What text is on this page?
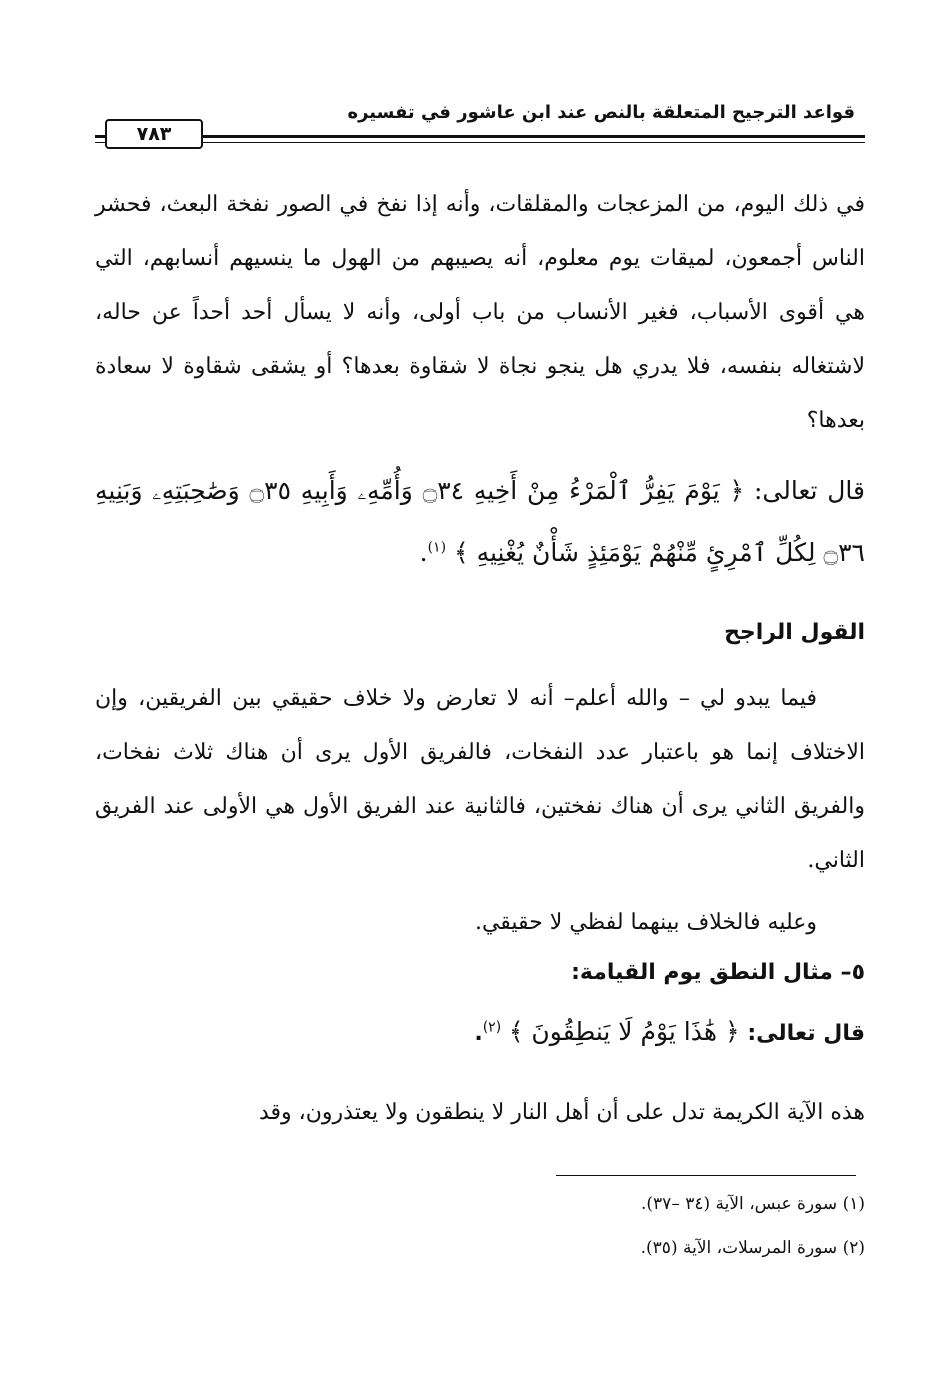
قواعد الترجيح المتعلقة بالنص عند ابن عاشور في تفسيره
٧٨٣
في ذلك اليوم، من المزعجات والمقلقات، وأنه إذا نفخ في الصور نفخة البعث، فحشر الناس أجمعون، لميقات يوم معلوم، أنه يصيبهم من الهول ما ينسيهم أنسابهم، التي هي أقوى الأسباب، فغير الأنساب من باب أولى، وأنه لا يسأل أحد أحداً عن حاله، لاشتغاله بنفسه، فلا يدري هل ينجو نجاة لا شقاوة بعدها؟ أو يشقى شقاوة لا سعادة بعدها؟
قال تعالى: ﴿ يَوْمَ يَفِرُّ ٱلْمَرْءُ مِنْ أَخِيهِ ۝٣٤ وَأُمِّهِۦ وَأَبِيهِ ۝٣٥ وَصَٰحِبَتِهِۦ وَبَنِيهِ ۝٣٦ لِكُلِّ ٱمْرِئٍ مِّنْهُمْ يَوْمَئِذٍ شَأْنٌ يُغْنِيهِ ﴾ $^{(١)}$.
القول الراجح
فيما يبدو لي – والله أعلم– أنه لا تعارض ولا خلاف حقيقي بين الفريقين، وإن الاختلاف إنما هو باعتبار عدد النفخات، فالفريق الأول يرى أن هناك ثلاث نفخات، والفريق الثاني يرى أن هناك نفختين، فالثانية عند الفريق الأول هي الأولى عند الفريق الثاني.
وعليه فالخلاف بينهما لفظي لا حقيقي.
٥– مثال النطق يوم القيامة:
قال تعالى: ﴿ هَٰذَا يَوْمُ لَا يَنطِقُونَ ﴾ $^{(٢)}$.
هذه الآية الكريمة تدل على أن أهل النار لا ينطقون ولا يعتذرون، وقد
(١) سورة عبس، الآية (٣٤ –٣٧).
(٢) سورة المرسلات، الآية (٣٥).
